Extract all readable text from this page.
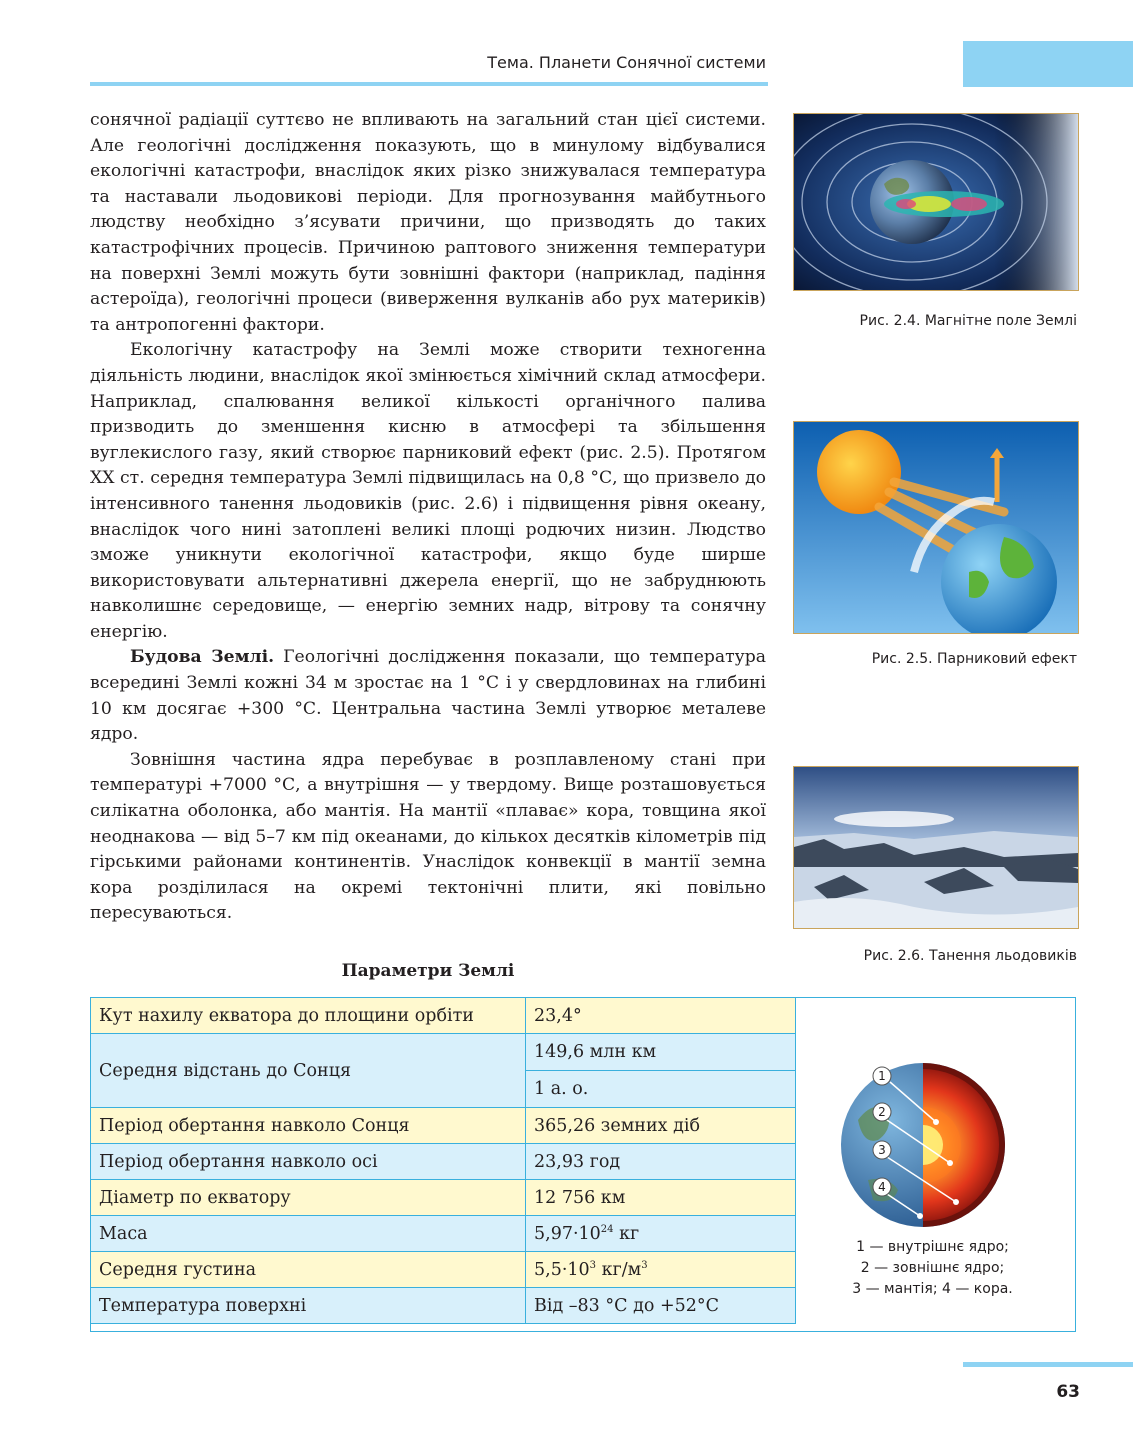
Тема. Планети Сонячної системи

сонячної радіації суттєво не впливають на загальний стан цієї системи. Але геологічні дослідження показують, що в минулому відбувалися екологічні катастрофи, внаслідок яких різко знижувалася температура та наставали льодовикові періоди. Для прогнозування майбутнього людству необхідно з’ясувати причини, що призводять до таких катастрофічних процесів. Причиною раптового зниження температури на поверхні Землі можуть бути зовнішні фактори (наприклад, падіння астероїда), геологічні процеси (виверження вулканів або рух материків) та антропогенні фактори.

Екологічну катастрофу на Землі може створити техногенна діяльність людини, внаслідок якої змінюється хімічний склад атмосфери. Наприклад, спалювання великої кількості органічного палива призводить до зменшення кисню в атмосфері та збільшення вуглекислого газу, який створює парниковий ефект (рис. 2.5). Протягом XX ст. середня температура Землі підвищилась на 0,8 °С, що призвело до інтенсивного танення льодовиків (рис. 2.6) і підвищення рівня океану, внаслідок чого нині затоплені великі площі родючих низин. Людство зможе уникнути екологічної катастрофи, якщо буде ширше використовувати альтернативні джерела енергії, що не забруднюють навколишнє середовище, — енергію земних надр, вітрову та сонячну енергію.

Будова Землі. Геологічні дослідження показали, що температура всередині Землі кожні 34 м зростає на 1 °С і у свердловинах на глибині 10 км досягає +300 °С. Центральна частина Землі утворює металеве ядро.

Зовнішня частина ядра перебуває в розплавленому стані при температурі +7000 °С, а внутрішня — у твердому. Вище розташовується силікатна оболонка, або мантія. На мантії «плаває» кора, товщина якої неоднакова — від 5–7 км під океанами, до кількох десятків кілометрів під гірськими районами континентів. Унаслідок конвекції в мантії земна кора розділилася на окремі тектонічні плити, які повільно пересуваються.

Рис. 2.4. Магнітне поле Землі
Рис. 2.5. Парниковий ефект
Рис. 2.6. Танення льодовиків
Параметри Землі
Кут нахилу екватора до площини орбіти	23,4°
Середня відстань до Сонця	149,6 млн км
	1 а. о.
Період обертання навколо Сонця	365,26 земних діб
Період обертання навколо осі	23,93 год
Діаметр по екватору	12 756 км
Маса	$5,97\cdot 10^{24}$ кг
Середня густина	$5,5\cdot 10^3$ $кг/м^3$
Температура поверхні	Від –83 °С до +52°С
1
2
3
4
1 — внутрішнє ядро;
2 — зовнішнє ядро;
3 — мантія; 4 — кора.
63
